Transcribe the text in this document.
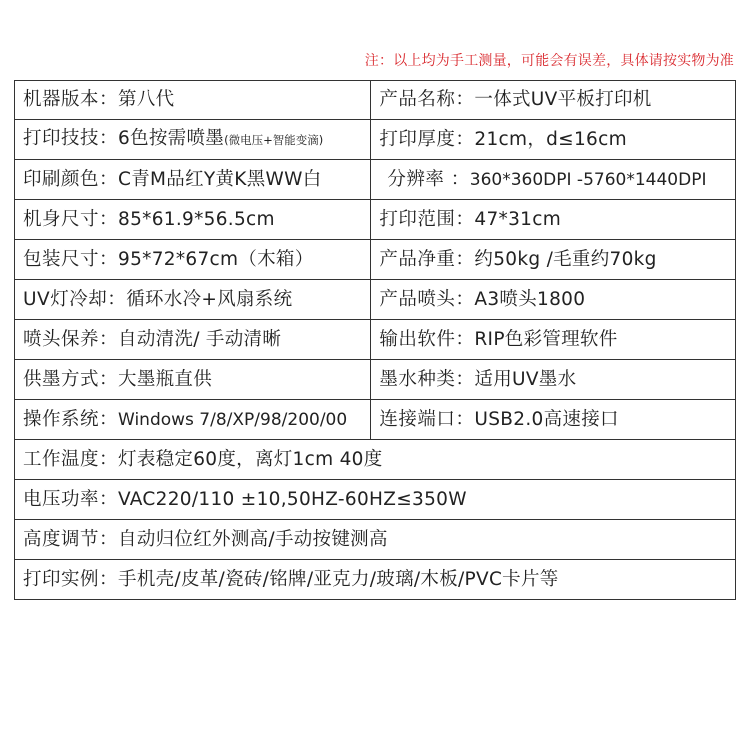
注：以上均为手工测量，可能会有误差，具体请按实物为准
机器版本：第八代	产品名称：一体式UV平板打印机
打印技技：6色按需喷墨(微电压+智能变滴)	打印厚度：21cm，d≤16cm
印刷颜色：C青M品红Y黄K黑WW白	分辨率 ：360*360DPI -5760*1440DPI
机身尺寸：85*61.9*56.5cm	打印范围：47*31cm
包装尺寸：95*72*67cm（木箱）	产品净重：约50kg /毛重约70kg
UV灯冷却：循环水冷+风扇系统	产品喷头：A3喷头1800
喷头保养：自动清洗/ 手动清晰	输出软件：RIP色彩管理软件
供墨方式：大墨瓶直供	墨水种类：适用UV墨水
操作系统：Windows 7/8/XP/98/200/00	连接端口：USB2.0高速接口
工作温度：灯表稳定60度，离灯1cm 40度	
电压功率：VAC220/110 ±10,50HZ-60HZ≤350W	
高度调节：自动归位红外测高/手动按键测高	
打印实例：手机壳/皮革/瓷砖/铭牌/亚克力/玻璃/木板/PVC卡片等	
